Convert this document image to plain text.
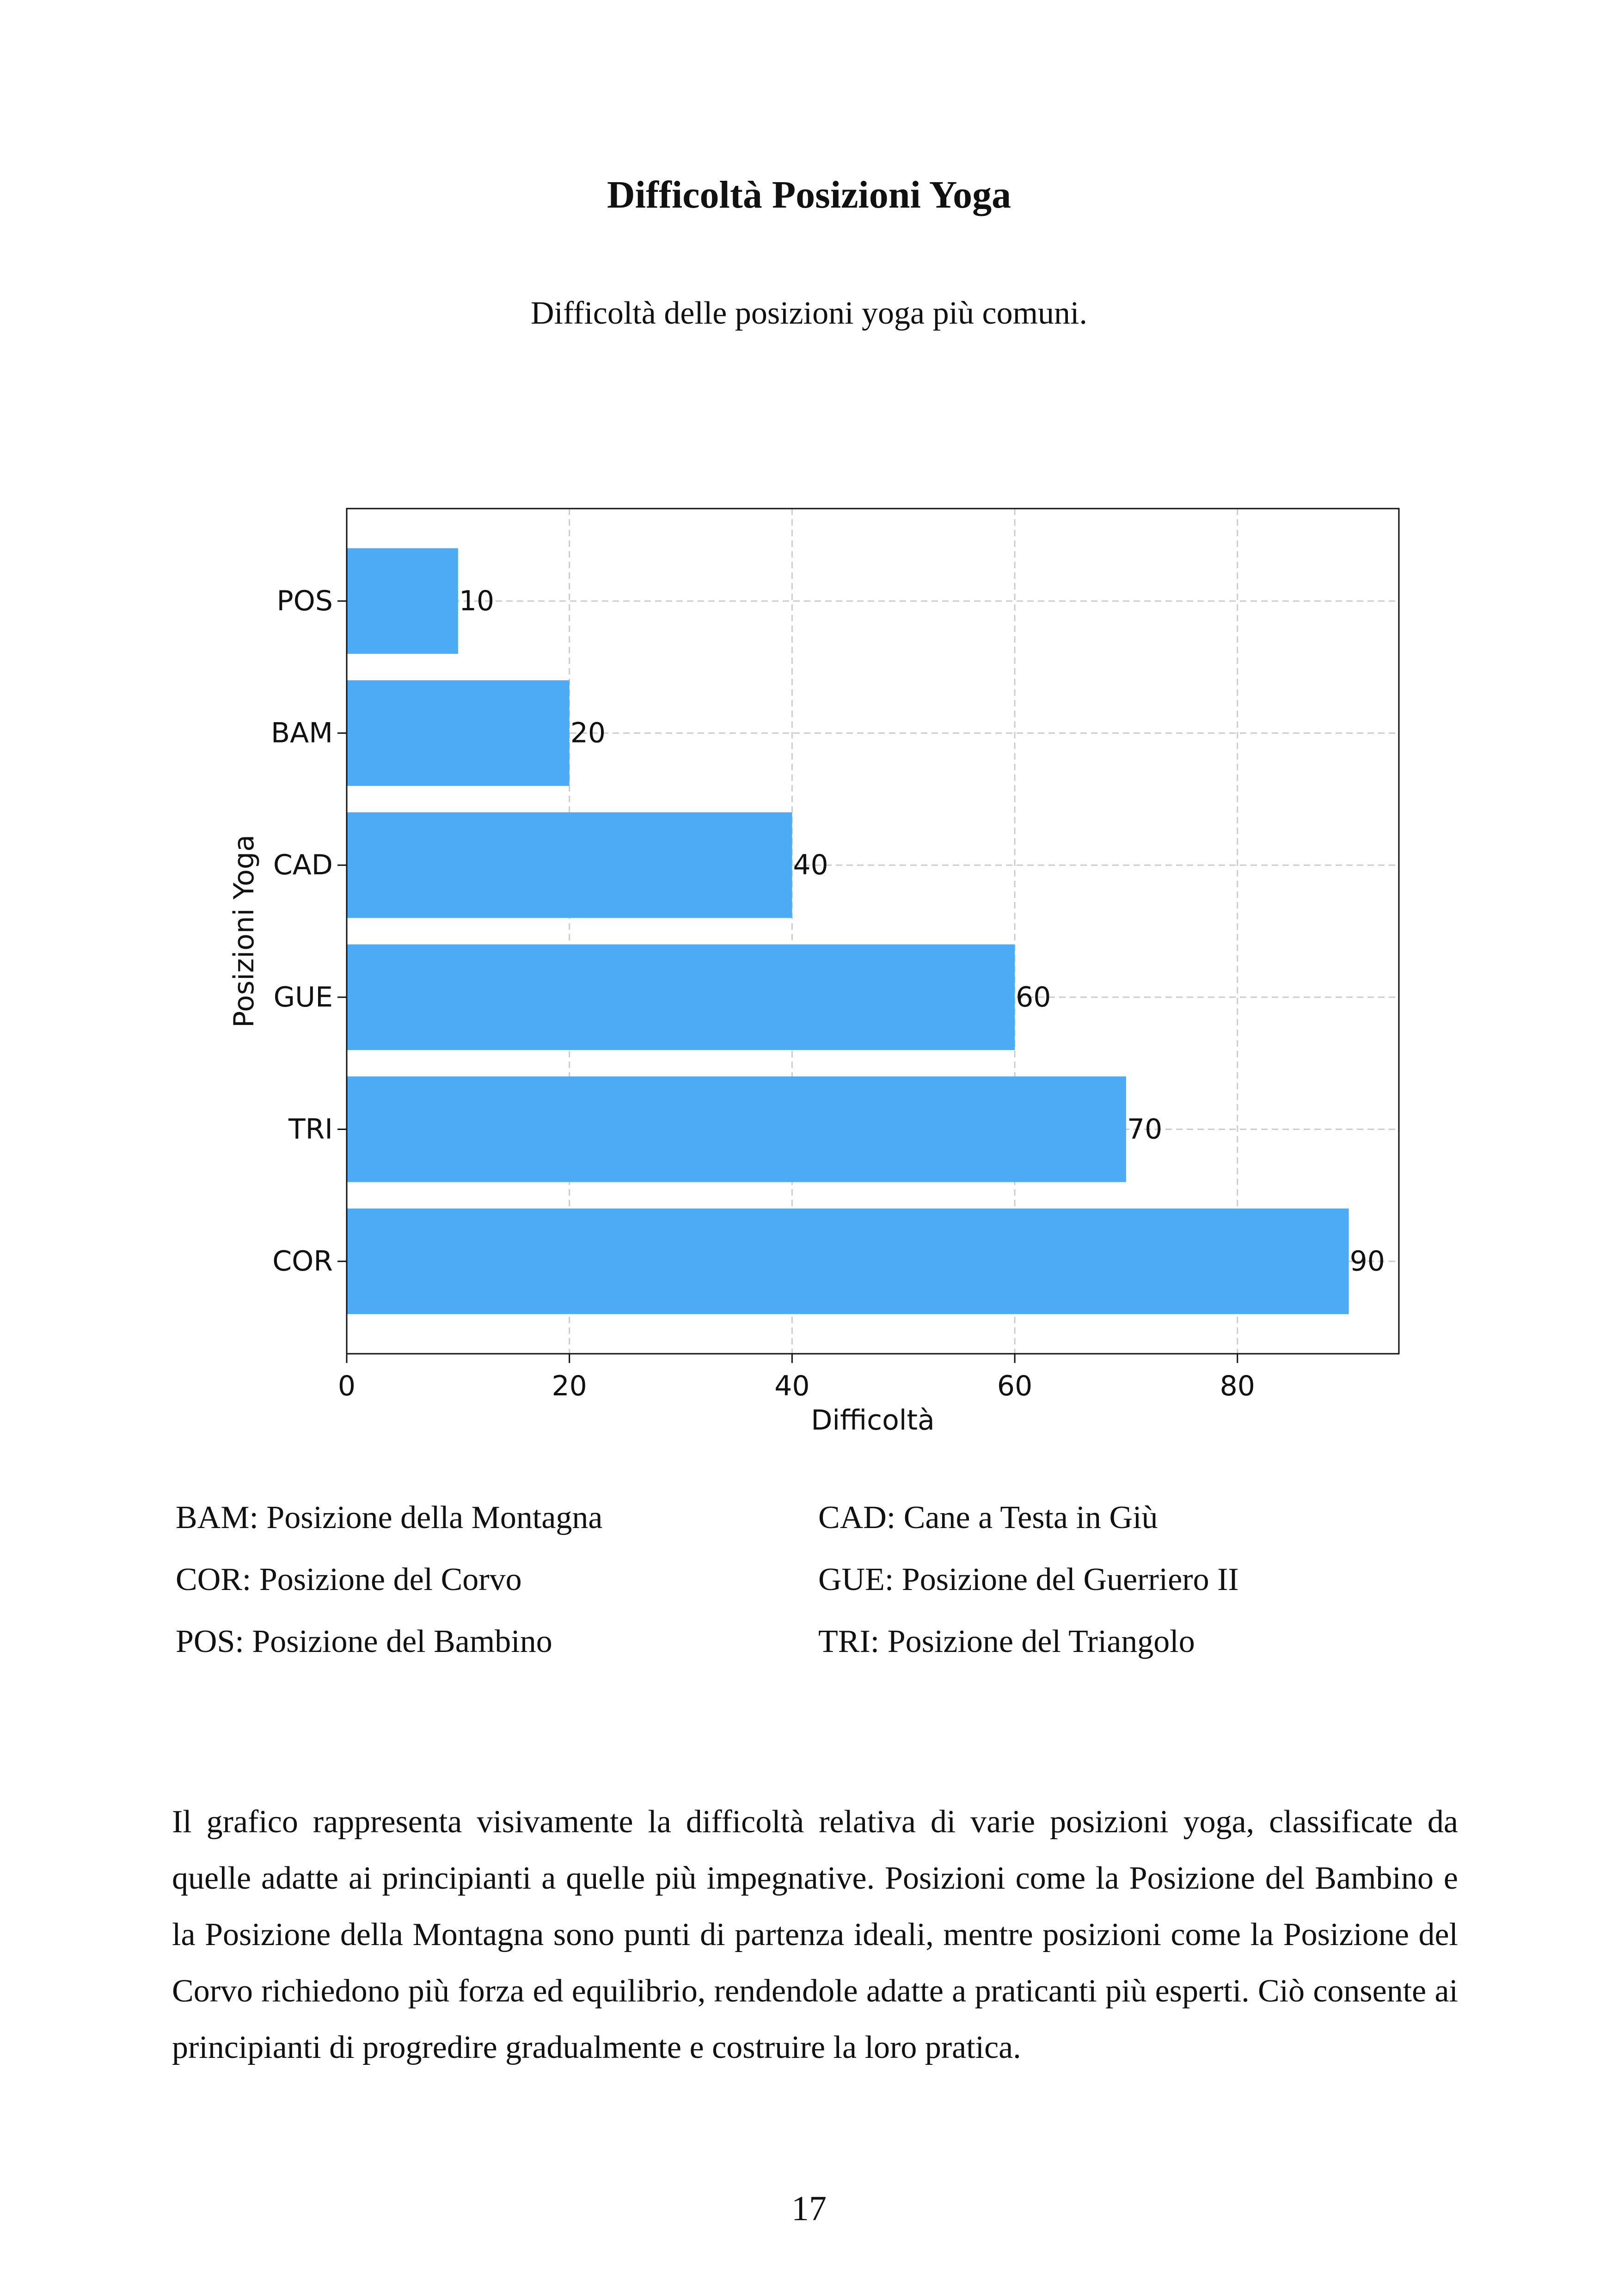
Difficoltà Posizioni Yoga
Difficoltà delle posizioni yoga più comuni.
10
20
40
60
70
90
POS
BAM
CAD
GUE
TRI
COR
0	20	40	60	80
Difficoltà
Posizioni Yoga
BAM: Posizione della Montagna	CAD: Cane a Testa in Giù
COR: Posizione del Corvo	GUE: Posizione del Guerriero II
POS: Posizione del Bambino	TRI: Posizione del Triangolo
Il grafico rappresenta visivamente la difficoltà relativa di varie posizioni yoga, classificate da quelle adatte ai principianti a quelle più impegnative. Posizioni come la Posizione del Bambino e la Posizione della Montagna sono punti di partenza ideali, mentre posizioni come la Posizione del Corvo richiedono più forza ed equilibrio, rendendole adatte a praticanti più esperti. Ciò consente ai principianti di progredire gradualmente e costruire la loro pratica.
17
